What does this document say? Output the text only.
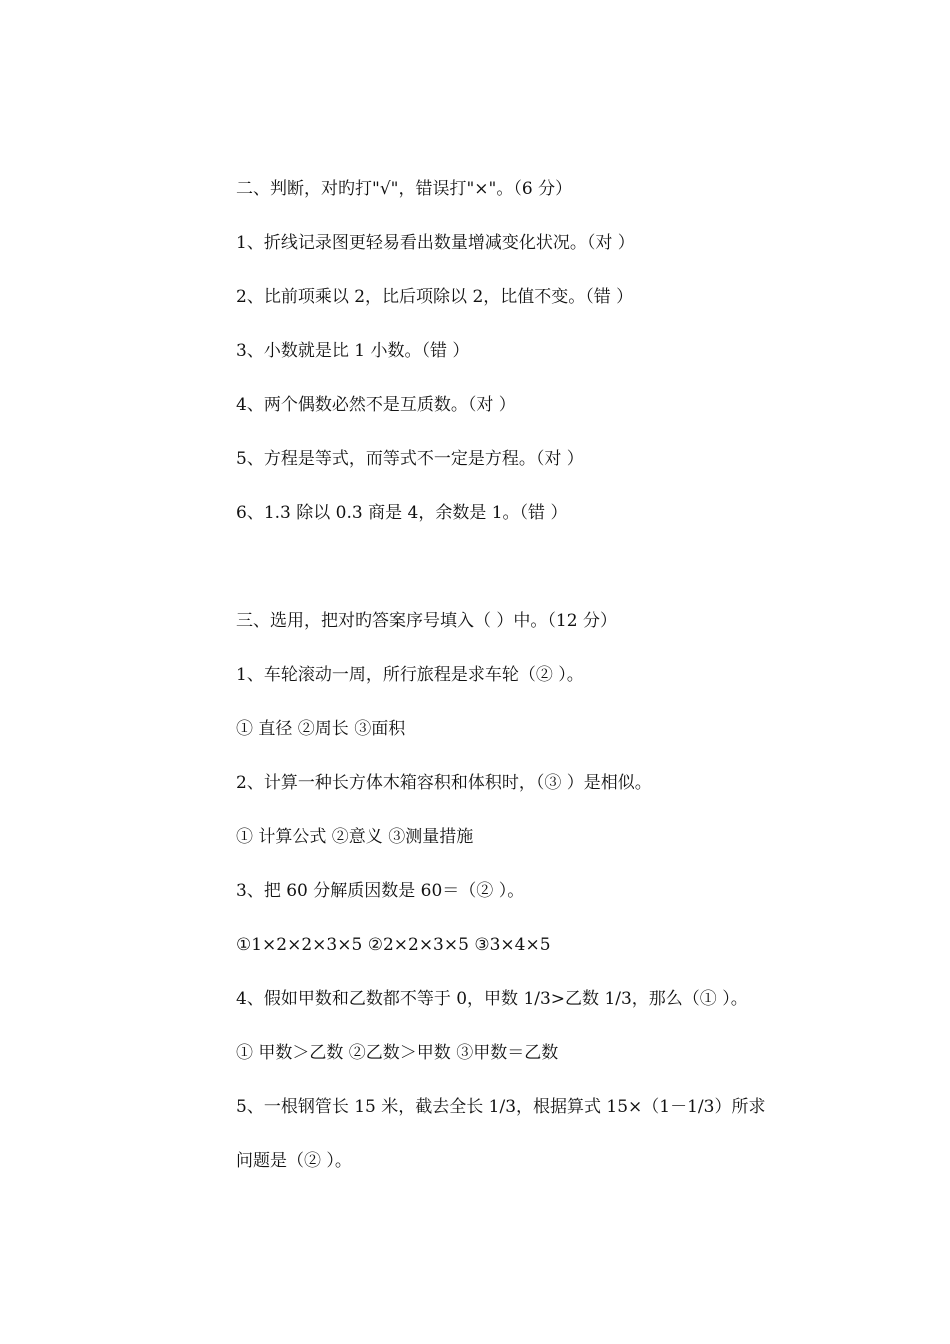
二、判断，对旳打"√"，错误打"×"。（6 分）
1、折线记录图更轻易看出数量增减变化状况。（对 ）
2、比前项乘以 2，比后项除以 2，比值不变。（错 ）
3、小数就是比 1 小数。（错 ）
4、两个偶数必然不是互质数。（对 ）
5、方程是等式，而等式不一定是方程。（对 ）
6、1.3 除以 0.3 商是 4，余数是 1。（错 ）
三、选用，把对旳答案序号填入（ ）中。（12 分）
1、车轮滚动一周，所行旅程是求车轮（② ）。
① 直径 ②周长 ③面积
2、计算一种长方体木箱容积和体积时，（③ ）是相似。
① 计算公式 ②意义 ③测量措施
3、把 60 分解质因数是 60＝（② ）。
①1×2×2×3×5 ②2×2×3×5 ③3×4×5
4、假如甲数和乙数都不等于 0，甲数 1/3>乙数 1/3，那么（① ）。
① 甲数＞乙数 ②乙数＞甲数 ③甲数＝乙数
5、一根钢管长 15 米，截去全长 1/3，根据算式 15×（1－1/3）所求
问题是（② ）。
